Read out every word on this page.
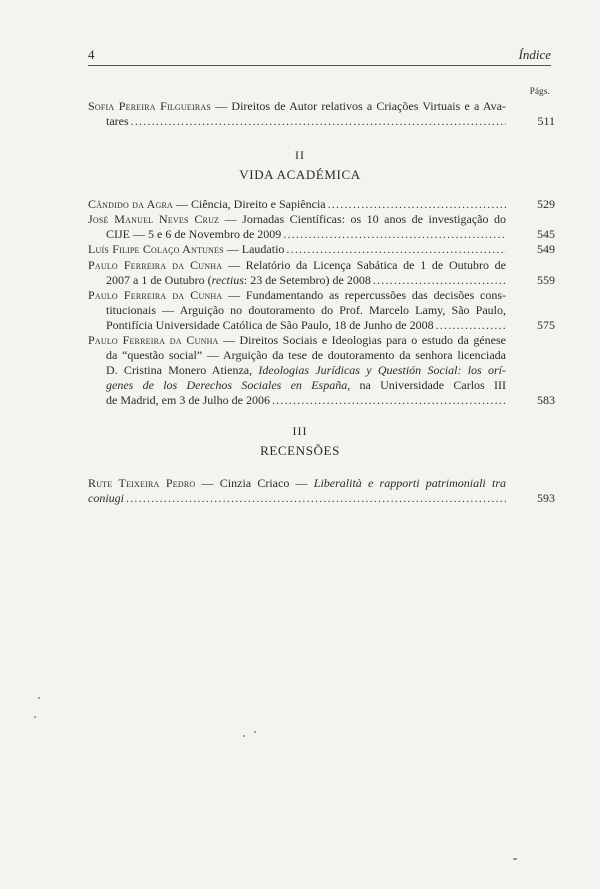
4	Índice
Págs.
Sofia Pereira Filgueiras — Direitos de Autor relativos a Criações Virtuais e a Ava-
tares .....	511
II
VIDA ACADÉMICA
Cândido da Agra — Ciência, Direito e Sapiência .....	529
José Manuel Neves Cruz — Jornadas Científicas: os 10 anos de investigação do
CIJE — 5 e 6 de Novembro de 2009 .....	545
Luís Filipe Colaço Antunes — Laudatio .....	549
Paulo Ferreira da Cunha — Relatório da Licença Sabática de 1 de Outubro de
2007 a 1 de Outubro ( rectius : 23 de Setembro) de 2008 .....	559
Paulo Ferreira da Cunha — Fundamentando as repercussões das decisões cons-
titucionais — Arguição no doutoramento do Prof. Marcelo Lamy, São Paulo,
Pontifícia Universidade Católica de São Paulo, 18 de Junho de 2008 .....	575
Paulo Ferreira da Cunha — Direitos Sociais e Ideologias para o estudo da génese
da “questão social” — Arguição da tese de doutoramento da senhora licenciada
D. Cristina Monero Atienza, Ideologias Jurídicas y Questión Social: los orí-
genes de los Derechos Sociales en España, na Universidade Carlos III
de Madrid, em 3 de Julho de 2006 .....	583
III
RECENSÕES
Rute Teixeira Pedro — Cinzia Criaco — Liberalità e rapporti patrimoniali tra
coniugi .....	593
